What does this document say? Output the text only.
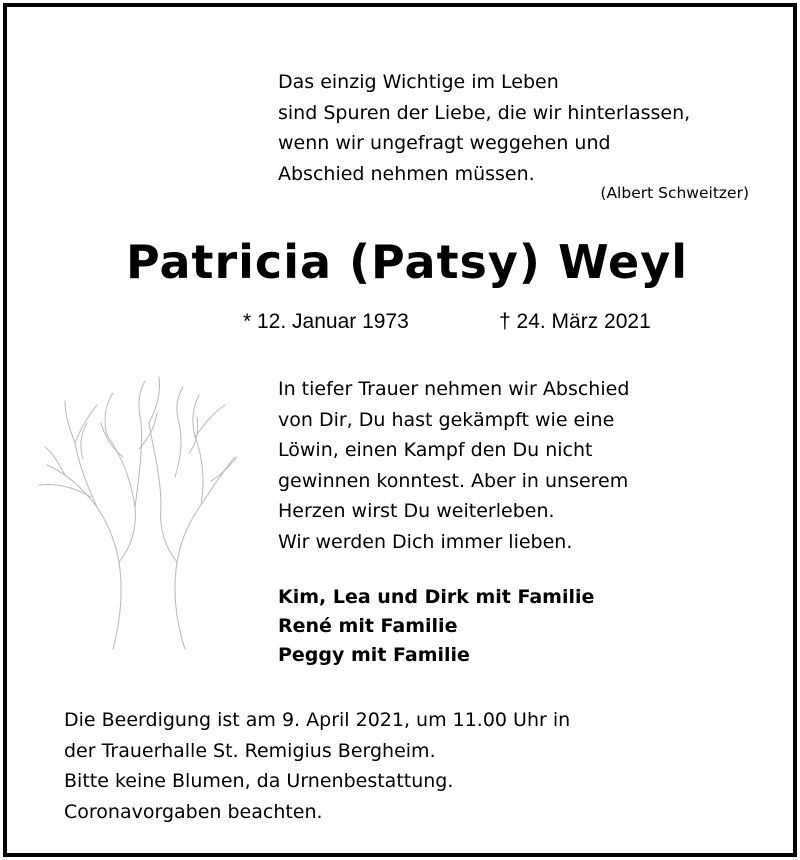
Das einzig Wichtige im Leben
sind Spuren der Liebe, die wir hinterlassen,
wenn wir ungefragt weggehen und
Abschied nehmen müssen.
(Albert Schweitzer)
Patricia (Patsy) Weyl
* 12. Januar 1973	† 24. März 2021
In tiefer Trauer nehmen wir Abschied
von Dir, Du hast gekämpft wie eine
Löwin, einen Kampf den Du nicht
gewinnen konntest. Aber in unserem
Herzen wirst Du weiterleben.
Wir werden Dich immer lieben.
Kim, Lea und Dirk mit Familie
René mit Familie
Peggy mit Familie
Die Beerdigung ist am 9. April 2021, um 11.00 Uhr in
der Trauerhalle St. Remigius Bergheim.
Bitte keine Blumen, da Urnenbestattung.
Coronavorgaben beachten.
